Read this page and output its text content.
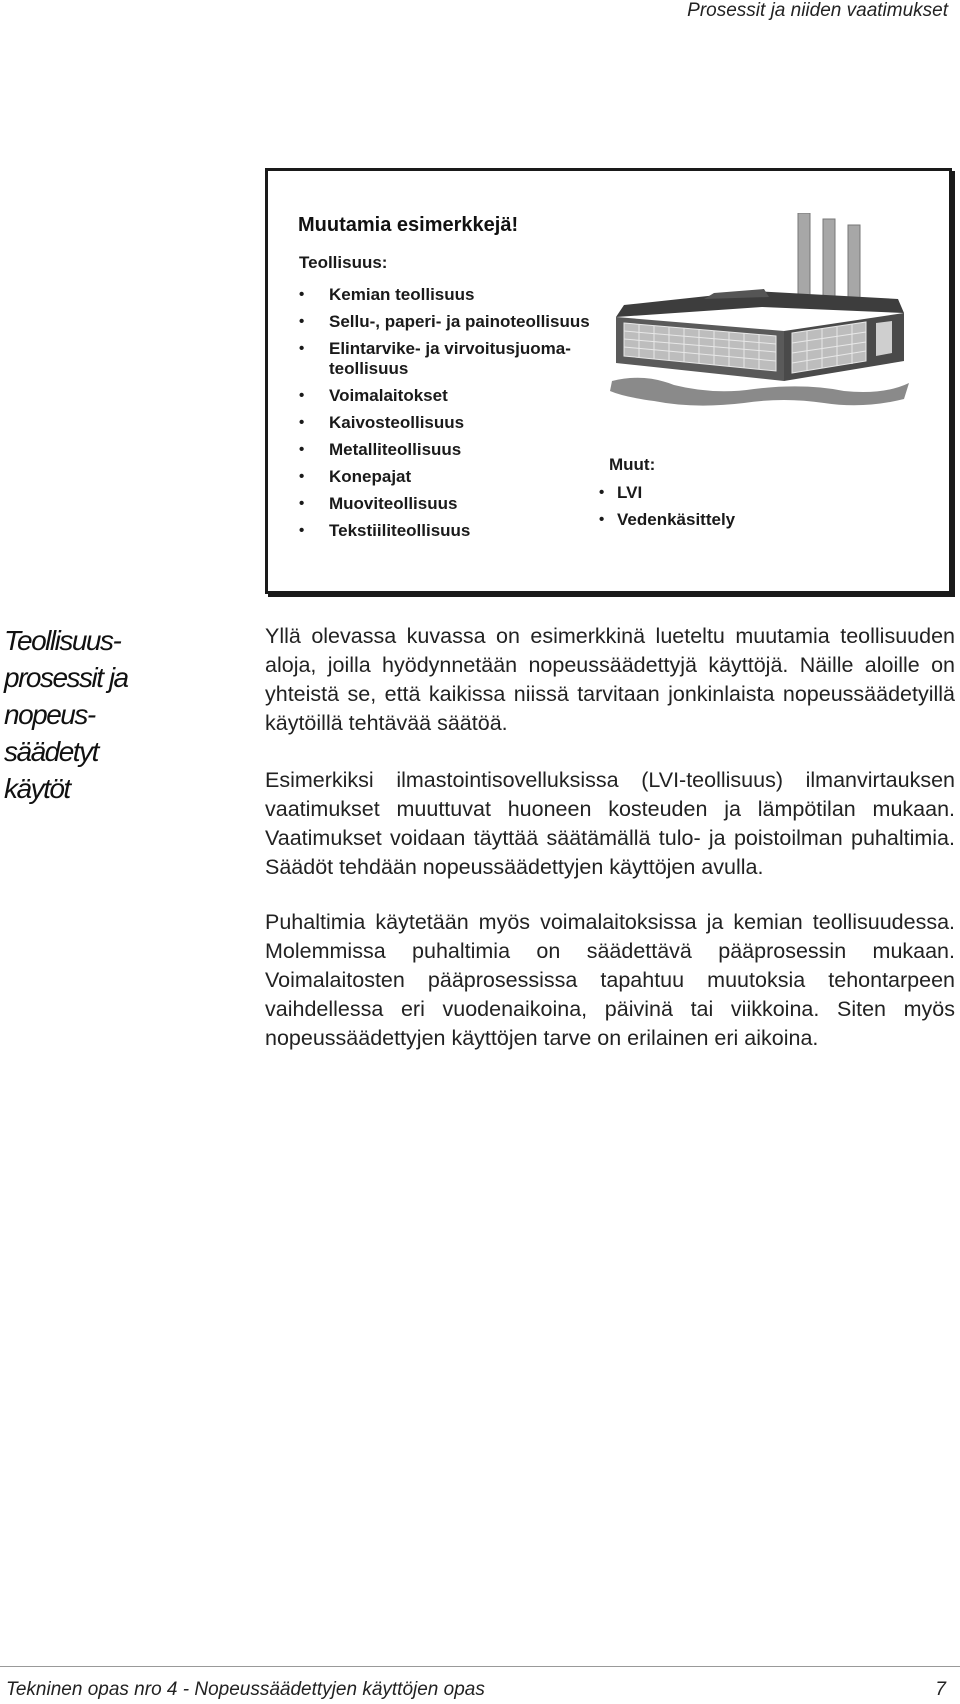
Prosessit ja niiden vaatimukset
Muutamia esimerkkejä!
Teollisuus:
• Kemian teollisuus
• Sellu-, paperi- ja painoteollisuus
• Elintarvike- ja virvoitusjuoma-
teollisuus
• Voimalaitokset
• Kaivosteollisuus
• Metalliteollisuus
• Konepajat
• Muoviteollisuus
• Tekstiiliteollisuus
Muut:
• LVI
• Vedenkäsittely
Teollisuus-
prosessit ja
nopeus-
säädetyt
käytöt

Yllä olevassa kuvassa on esimerkkinä lueteltu muutamia teollisuuden aloja, joilla hyödynnetään nopeussäädettyjä käyttöjä. Näille aloille on yhteistä se, että kaikissa niissä tarvitaan jonkinlaista nopeussäädetyillä käytöillä tehtävää säätöä.

Esimerkiksi ilmastointisovelluksissa (LVI-teollisuus) ilmanvirtauksen vaatimukset muuttuvat huoneen kosteuden ja lämpötilan mukaan. Vaatimukset voidaan täyttää säätämällä tulo- ja poistoilman puhaltimia. Säädöt tehdään nopeussäädettyjen käyttöjen avulla.

Puhaltimia käytetään myös voimalaitoksissa ja kemian teollisuudessa. Molemmissa puhaltimia on säädettävä pääprosessin mukaan. Voimalaitosten pääprosessissa tapahtuu muutoksia tehontarpeen vaihdellessa eri vuodenaikoina, päivinä tai viikkoina. Siten myös nopeussäädettyjen käyttöjen tarve on erilainen eri aikoina.

Tekninen opas nro 4 - Nopeussäädettyjen käyttöjen opas	7
